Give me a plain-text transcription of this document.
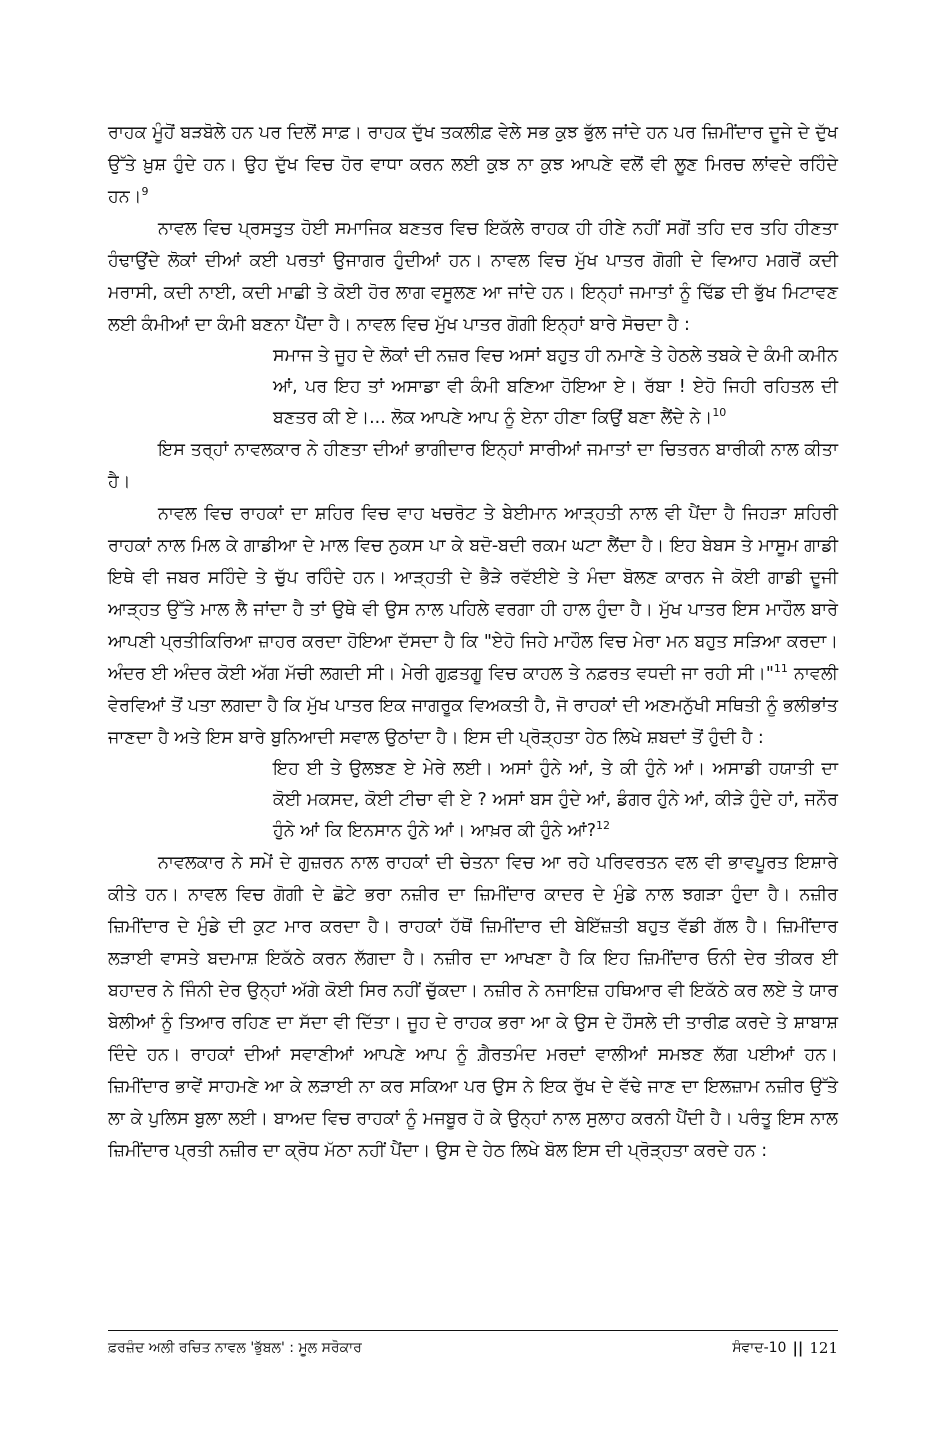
ਰਾਹਕ ਮੂੰਹੋਂ ਬੜਬੋਲੇ ਹਨ ਪਰ ਦਿਲੋਂ ਸਾਫ਼। ਰਾਹਕ ਦੁੱਖ ਤਕਲੀਫ਼ ਵੇਲੇ ਸਭ ਕੁਝ ਭੁੱਲ ਜਾਂਦੇ ਹਨ ਪਰ ਜ਼ਿਮੀਂਦਾਰ ਦੂਜੇ ਦੇ ਦੁੱਖ ਉੱਤੇ ਖ਼ੁਸ਼ ਹੁੰਦੇ ਹਨ। ਉਹ ਦੁੱਖ ਵਿਚ ਹੋਰ ਵਾਧਾ ਕਰਨ ਲਈ ਕੁਝ ਨਾ ਕੁਝ ਆਪਣੇ ਵਲੋਂ ਵੀ ਲੂਣ ਮਿਰਚ ਲਾਂਵਦੇ ਰਹਿੰਦੇ ਹਨ।$^9$

ਨਾਵਲ ਵਿਚ ਪ੍ਰਸਤੁਤ ਹੋਈ ਸਮਾਜਿਕ ਬਣਤਰ ਵਿਚ ਇਕੱਲੇ ਰਾਹਕ ਹੀ ਹੀਣੇ ਨਹੀਂ ਸਗੋਂ ਤਹਿ ਦਰ ਤਹਿ ਹੀਣਤਾ ਹੰਢਾਉਂਦੇ ਲੋਕਾਂ ਦੀਆਂ ਕਈ ਪਰਤਾਂ ਉਜਾਗਰ ਹੁੰਦੀਆਂ ਹਨ। ਨਾਵਲ ਵਿਚ ਮੁੱਖ ਪਾਤਰ ਗੋਗੀ ਦੇ ਵਿਆਹ ਮਗਰੋਂ ਕਦੀ ਮਰਾਸੀ, ਕਦੀ ਨਾਈ, ਕਦੀ ਮਾਛੀ ਤੇ ਕੋਈ ਹੋਰ ਲਾਗ ਵਸੂਲਣ ਆ ਜਾਂਦੇ ਹਨ। ਇਨ੍ਹਾਂ ਜਮਾਤਾਂ ਨੂੰ ਢਿੱਡ ਦੀ ਭੁੱਖ ਮਿਟਾਵਣ ਲਈ ਕੰਮੀਆਂ ਦਾ ਕੰਮੀ ਬਣਨਾ ਪੈਂਦਾ ਹੈ। ਨਾਵਲ ਵਿਚ ਮੁੱਖ ਪਾਤਰ ਗੋਗੀ ਇਨ੍ਹਾਂ ਬਾਰੇ ਸੋਚਦਾ ਹੈ :

ਸਮਾਜ ਤੇ ਜੂਹ ਦੇ ਲੋਕਾਂ ਦੀ ਨਜ਼ਰ ਵਿਚ ਅਸਾਂ ਬਹੁਤ ਹੀ ਨਮਾਣੇ ਤੇ ਹੇਠਲੇ ਤਬਕੇ ਦੇ ਕੰਮੀ ਕਮੀਨ ਆਂ, ਪਰ ਇਹ ਤਾਂ ਅਸਾਡਾ ਵੀ ਕੰਮੀ ਬਣਿਆ ਹੋਇਆ ਏ। ਰੱਬਾ ! ਏਹੋ ਜਿਹੀ ਰਹਿਤਲ ਦੀ ਬਣਤਰ ਕੀ ਏ।... ਲੋਕ ਆਪਣੇ ਆਪ ਨੂੰ ਏਨਾ ਹੀਣਾ ਕਿਉਂ ਬਣਾ ਲੈਂਦੇ ਨੇ।$^{10}$

ਇਸ ਤਰ੍ਹਾਂ ਨਾਵਲਕਾਰ ਨੇ ਹੀਣਤਾ ਦੀਆਂ ਭਾਗੀਦਾਰ ਇਨ੍ਹਾਂ ਸਾਰੀਆਂ ਜਮਾਤਾਂ ਦਾ ਚਿਤਰਨ ਬਾਰੀਕੀ ਨਾਲ ਕੀਤਾ ਹੈ।

ਨਾਵਲ ਵਿਚ ਰਾਹਕਾਂ ਦਾ ਸ਼ਹਿਰ ਵਿਚ ਵਾਹ ਖਚਰੋਟ ਤੇ ਬੇਈਮਾਨ ਆੜ੍ਹਤੀ ਨਾਲ ਵੀ ਪੈਂਦਾ ਹੈ ਜਿਹੜਾ ਸ਼ਹਿਰੀ ਰਾਹਕਾਂ ਨਾਲ ਮਿਲ ਕੇ ਗਾਡੀਆ ਦੇ ਮਾਲ ਵਿਚ ਨੁਕਸ ਪਾ ਕੇ ਬਦੋ-ਬਦੀ ਰਕਮ ਘਟਾ ਲੈਂਦਾ ਹੈ। ਇਹ ਬੇਬਸ ਤੇ ਮਾਸੂਮ ਗਾਡੀ ਇਥੇ ਵੀ ਜਬਰ ਸਹਿੰਦੇ ਤੇ ਚੁੱਪ ਰਹਿੰਦੇ ਹਨ। ਆੜ੍ਹਤੀ ਦੇ ਭੈੜੇ ਰਵੱਈਏ ਤੇ ਮੰਦਾ ਬੋਲਣ ਕਾਰਨ ਜੇ ਕੋਈ ਗਾਡੀ ਦੂਜੀ ਆੜ੍ਹਤ ਉੱਤੇ ਮਾਲ ਲੈ ਜਾਂਦਾ ਹੈ ਤਾਂ ਉਥੇ ਵੀ ਉਸ ਨਾਲ ਪਹਿਲੇ ਵਰਗਾ ਹੀ ਹਾਲ ਹੁੰਦਾ ਹੈ। ਮੁੱਖ ਪਾਤਰ ਇਸ ਮਾਹੌਲ ਬਾਰੇ ਆਪਣੀ ਪ੍ਰਤੀਕਿਰਿਆ ਜ਼ਾਹਰ ਕਰਦਾ ਹੋਇਆ ਦੱਸਦਾ ਹੈ ਕਿ "ਏਹੋ ਜਿਹੇ ਮਾਹੌਲ ਵਿਚ ਮੇਰਾ ਮਨ ਬਹੁਤ ਸੜਿਆ ਕਰਦਾ। ਅੰਦਰ ਈ ਅੰਦਰ ਕੋਈ ਅੱਗ ਮੱਚੀ ਲਗਦੀ ਸੀ। ਮੇਰੀ ਗੁਫ਼ਤਗੂ ਵਿਚ ਕਾਹਲ ਤੇ ਨਫ਼ਰਤ ਵਧਦੀ ਜਾ ਰਹੀ ਸੀ।"$^{11}$ ਨਾਵਲੀ ਵੇਰਵਿਆਂ ਤੋਂ ਪਤਾ ਲਗਦਾ ਹੈ ਕਿ ਮੁੱਖ ਪਾਤਰ ਇਕ ਜਾਗਰੂਕ ਵਿਅਕਤੀ ਹੈ, ਜੋ ਰਾਹਕਾਂ ਦੀ ਅਣਮਨੁੱਖੀ ਸਥਿਤੀ ਨੂੰ ਭਲੀਭਾਂਤ ਜਾਣਦਾ ਹੈ ਅਤੇ ਇਸ ਬਾਰੇ ਬੁਨਿਆਦੀ ਸਵਾਲ ਉਠਾਂਦਾ ਹੈ। ਇਸ ਦੀ ਪ੍ਰੋੜ੍ਹਤਾ ਹੇਠ ਲਿਖੇ ਸ਼ਬਦਾਂ ਤੋਂ ਹੁੰਦੀ ਹੈ :

ਇਹ ਈ ਤੇ ਉਲਝਣ ਏ ਮੇਰੇ ਲਈ। ਅਸਾਂ ਹੁੰਨੇ ਆਂ, ਤੇ ਕੀ ਹੁੰਨੇ ਆਂ। ਅਸਾਡੀ ਹਯਾਤੀ ਦਾ ਕੋਈ ਮਕਸਦ, ਕੋਈ ਟੀਚਾ ਵੀ ਏ ? ਅਸਾਂ ਬਸ ਹੁੰਦੇ ਆਂ, ਡੰਗਰ ਹੁੰਨੇ ਆਂ, ਕੀੜੇ ਹੁੰਦੇ ਹਾਂ, ਜਨੌਰ ਹੁੰਨੇ ਆਂ ਕਿ ਇਨਸਾਨ ਹੁੰਨੇ ਆਂ। ਆਖ਼ਰ ਕੀ ਹੁੰਨੇ ਆਂ?$^{12}$

ਨਾਵਲਕਾਰ ਨੇ ਸਮੇਂ ਦੇ ਗੁਜ਼ਰਨ ਨਾਲ ਰਾਹਕਾਂ ਦੀ ਚੇਤਨਾ ਵਿਚ ਆ ਰਹੇ ਪਰਿਵਰਤਨ ਵਲ ਵੀ ਭਾਵਪੂਰਤ ਇਸ਼ਾਰੇ ਕੀਤੇ ਹਨ। ਨਾਵਲ ਵਿਚ ਗੋਗੀ ਦੇ ਛੋਟੇ ਭਰਾ ਨਜ਼ੀਰ ਦਾ ਜ਼ਿਮੀਂਦਾਰ ਕਾਦਰ ਦੇ ਮੁੰਡੇ ਨਾਲ ਝਗੜਾ ਹੁੰਦਾ ਹੈ। ਨਜ਼ੀਰ ਜ਼ਿਮੀਂਦਾਰ ਦੇ ਮੁੰਡੇ ਦੀ ਕੁਟ ਮਾਰ ਕਰਦਾ ਹੈ। ਰਾਹਕਾਂ ਹੱਥੋਂ ਜ਼ਿਮੀਂਦਾਰ ਦੀ ਬੇਇੱਜ਼ਤੀ ਬਹੁਤ ਵੱਡੀ ਗੱਲ ਹੈ। ਜ਼ਿਮੀਂਦਾਰ ਲੜਾਈ ਵਾਸਤੇ ਬਦਮਾਸ਼ ਇਕੱਠੇ ਕਰਨ ਲੱਗਦਾ ਹੈ। ਨਜ਼ੀਰ ਦਾ ਆਖਣਾ ਹੈ ਕਿ ਇਹ ਜ਼ਿਮੀਂਦਾਰ ਓਨੀ ਦੇਰ ਤੀਕਰ ਈ ਬਹਾਦਰ ਨੇ ਜਿੰਨੀ ਦੇਰ ਉਨ੍ਹਾਂ ਅੱਗੇ ਕੋਈ ਸਿਰ ਨਹੀਂ ਚੁੱਕਦਾ। ਨਜ਼ੀਰ ਨੇ ਨਜਾਇਜ਼ ਹਥਿਆਰ ਵੀ ਇਕੱਠੇ ਕਰ ਲਏ ਤੇ ਯਾਰ ਬੇਲੀਆਂ ਨੂੰ ਤਿਆਰ ਰਹਿਣ ਦਾ ਸੱਦਾ ਵੀ ਦਿੱਤਾ। ਜੂਹ ਦੇ ਰਾਹਕ ਭਰਾ ਆ ਕੇ ਉਸ ਦੇ ਹੌਸਲੇ ਦੀ ਤਾਰੀਫ਼ ਕਰਦੇ ਤੇ ਸ਼ਾਬਾਸ਼ ਦਿੰਦੇ ਹਨ। ਰਾਹਕਾਂ ਦੀਆਂ ਸਵਾਣੀਆਂ ਆਪਣੇ ਆਪ ਨੂੰ ਗ਼ੈਰਤਮੰਦ ਮਰਦਾਂ ਵਾਲੀਆਂ ਸਮਝਣ ਲੱਗ ਪਈਆਂ ਹਨ। ਜ਼ਿਮੀਂਦਾਰ ਭਾਵੇਂ ਸਾਹਮਣੇ ਆ ਕੇ ਲੜਾਈ ਨਾ ਕਰ ਸਕਿਆ ਪਰ ਉਸ ਨੇ ਇਕ ਰੁੱਖ ਦੇ ਵੱਢੇ ਜਾਣ ਦਾ ਇਲਜ਼ਾਮ ਨਜ਼ੀਰ ਉੱਤੇ ਲਾ ਕੇ ਪੁਲਿਸ ਬੁਲਾ ਲਈ। ਬਾਅਦ ਵਿਚ ਰਾਹਕਾਂ ਨੂੰ ਮਜਬੂਰ ਹੋ ਕੇ ਉਨ੍ਹਾਂ ਨਾਲ ਸੁਲਾਹ ਕਰਨੀ ਪੈਂਦੀ ਹੈ। ਪਰੰਤੂ ਇਸ ਨਾਲ ਜ਼ਿਮੀਂਦਾਰ ਪ੍ਰਤੀ ਨਜ਼ੀਰ ਦਾ ਕ੍ਰੋਧ ਮੱਠਾ ਨਹੀਂ ਪੈਂਦਾ। ਉਸ ਦੇ ਹੇਠ ਲਿਖੇ ਬੋਲ ਇਸ ਦੀ ਪ੍ਰੋੜ੍ਹਤਾ ਕਰਦੇ ਹਨ :

ਫ਼ਰਜ਼ੰਦ ਅਲੀ ਰਚਿਤ ਨਾਵਲ 'ਭੁੱਬਲ' : ਮੂਲ ਸਰੋਕਾਰ	ਸੰਵਾਦ-10 || 121
